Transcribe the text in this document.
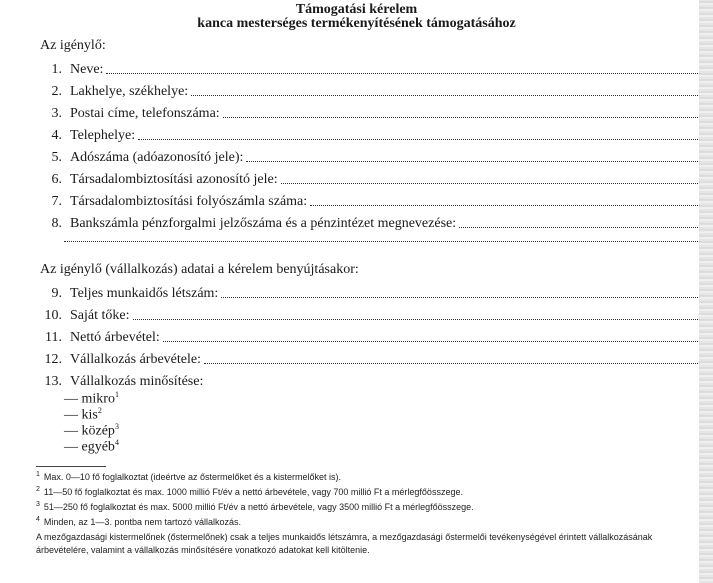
Támogatási kérelem
kanca mesterséges termékenyítésének támogatásához
Az igénylő:
1. Neve:
2. Lakhelye, székhelye:
3. Postai címe, telefonszáma:
4. Telephelye:
5. Adószáma (adóazonosító jele):
6. Társadalombiztosítási azonosító jele:
7. Társadalombiztosítási folyószámla száma:
8. Bankszámla pénzforgalmi jelzőszáma és a pénzintézet megnevezése:
Az igénylő (vállalkozás) adatai a kérelem benyújtásakor:
9. Teljes munkaidős létszám:
10. Saját tőke:
11. Nettó árbevétel:
12. Vállalkozás árbevétele:
13. Vállalkozás minősítése:
— mikro$^1$
— kis$^2$
— közép$^3$
— egyéb$^4$
$^1$ Max. 0—10 fő foglalkoztat (ideértve az őstermelőket és a kistermelőket is).
$^2$ 11—50 fő foglalkoztat és max. 1000 millió Ft/év a nettó árbevétele, vagy 700 millió Ft a mérlegfőösszege.
$^3$ 51—250 fő foglalkoztat és max. 5000 millió Ft/év a nettó árbevétele, vagy 3500 millió Ft a mérlegfőösszege.
$^4$ Minden, az 1—3. pontba nem tartozó vállalkozás.
A mezőgazdasági kistermelőnek (őstermelőnek) csak a teljes munkaidős létszámra, a mezőgazdasági őstermelői tevékenységével érintett vállalkozásának
árbevételére, valamint a vállalkozás minősítésére vonatkozó adatokat kell kitöltenie.
